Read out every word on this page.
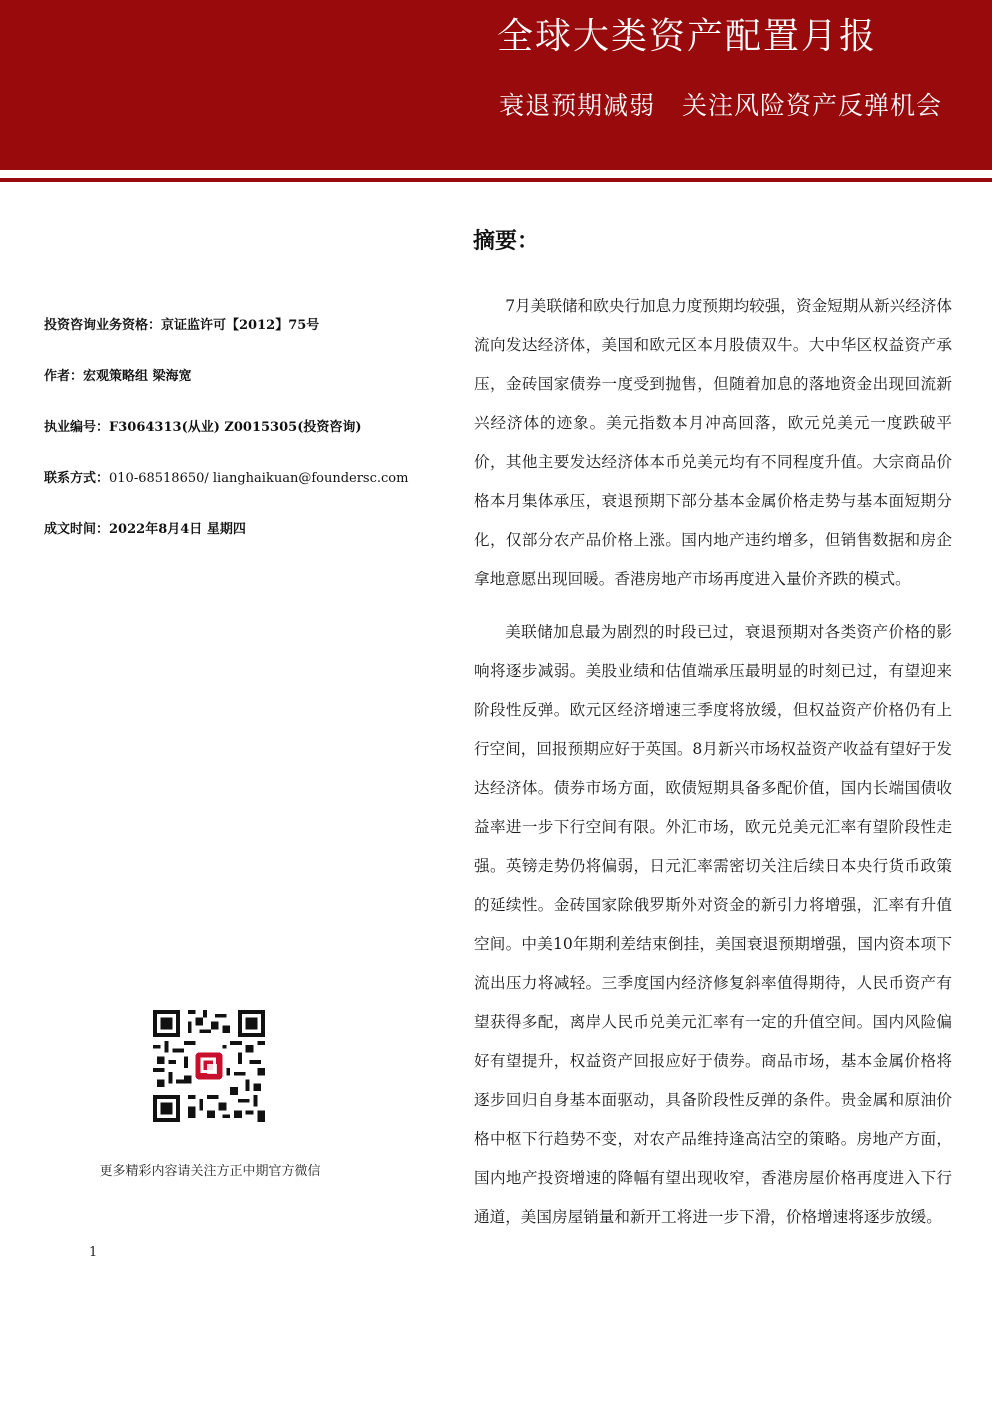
全球大类资产配置月报
衰退预期减弱   关注风险资产反弹机会
投资咨询业务资格：京证监许可【2012】75号
作者：宏观策略组 梁海宽
执业编号：F3064313(从业) Z0015305(投资咨询)
联系方式：010-68518650/ lianghaikuan@foundersc.com
成文时间：2022年8月4日 星期四
更多精彩内容请关注方正中期官方微信
1
摘要：

7月美联储和欧央行加息力度预期均较强，资金短期从新兴经济体流向发达经济体，美国和欧元区本月股债双牛。大中华区权益资产承压，金砖国家债券一度受到抛售，但随着加息的落地资金出现回流新兴经济体的迹象。美元指数本月冲高回落，欧元兑美元一度跌破平价，其他主要发达经济体本币兑美元均有不同程度升值。大宗商品价格本月集体承压，衰退预期下部分基本金属价格走势与基本面短期分化，仅部分农产品价格上涨。国内地产违约增多，但销售数据和房企拿地意愿出现回暖。香港房地产市场再度进入量价齐跌的模式。

美联储加息最为剧烈的时段已过，衰退预期对各类资产价格的影响将逐步减弱。美股业绩和估值端承压最明显的时刻已过，有望迎来阶段性反弹。欧元区经济增速三季度将放缓，但权益资产价格仍有上行空间，回报预期应好于英国。8月新兴市场权益资产收益有望好于发达经济体。债券市场方面，欧债短期具备多配价值，国内长端国债收益率进一步下行空间有限。外汇市场，欧元兑美元汇率有望阶段性走强。英镑走势仍将偏弱，日元汇率需密切关注后续日本央行货币政策的延续性。金砖国家除俄罗斯外对资金的新引力将增强，汇率有升值空间。中美10年期利差结束倒挂，美国衰退预期增强，国内资本项下流出压力将减轻。三季度国内经济修复斜率值得期待，人民币资产有望获得多配，离岸人民币兑美元汇率有一定的升值空间。国内风险偏好有望提升，权益资产回报应好于债券。商品市场，基本金属价格将逐步回归自身基本面驱动，具备阶段性反弹的条件。贵金属和原油价格中枢下行趋势不变，对农产品维持逢高沽空的策略。房地产方面，国内地产投资增速的降幅有望出现收窄，香港房屋价格再度进入下行通道，美国房屋销量和新开工将进一步下滑，价格增速将逐步放缓。
